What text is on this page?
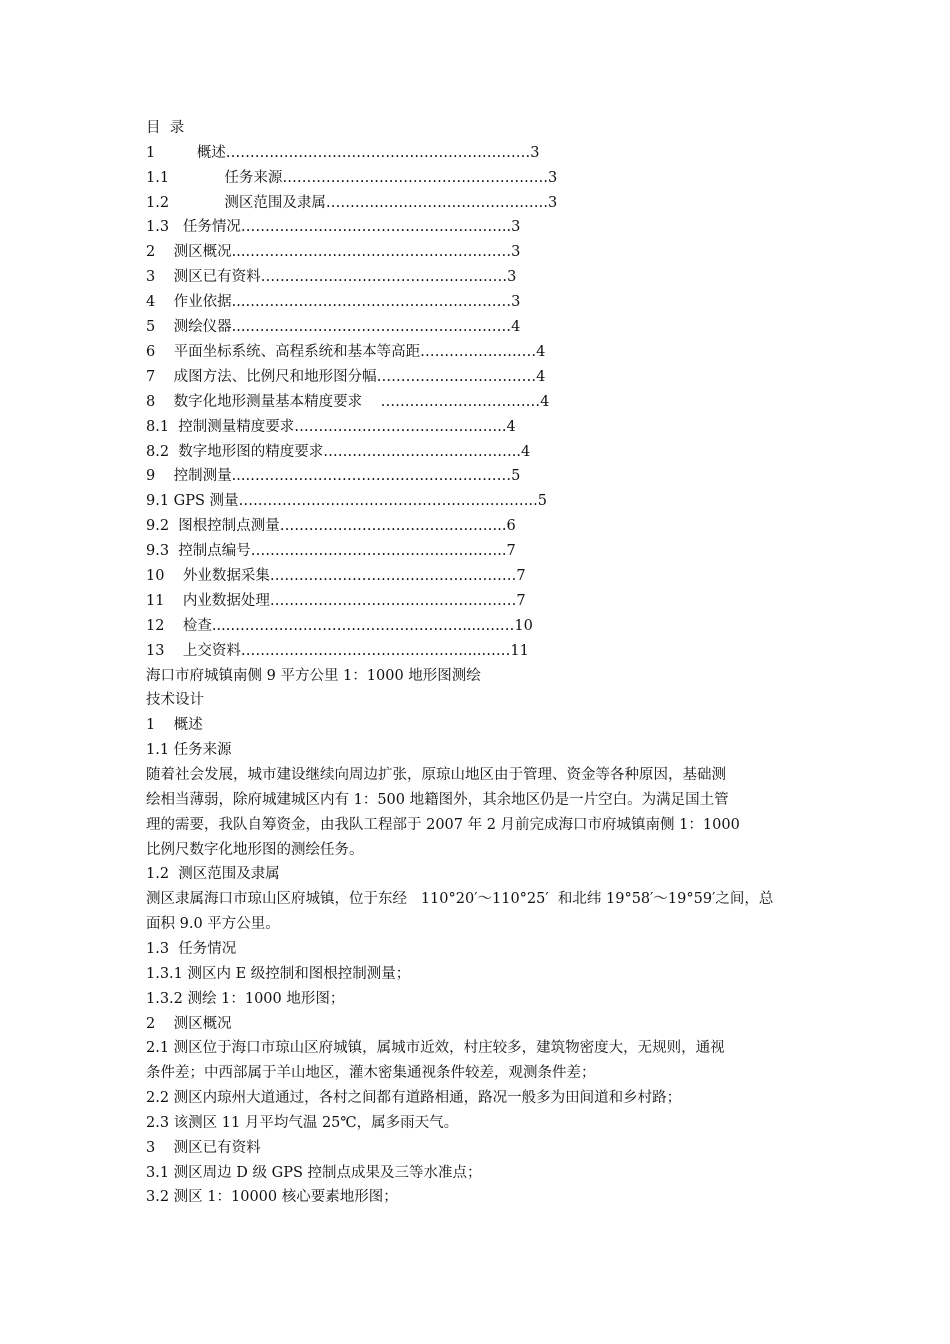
目  录
1         概述………………………………………………………3
1.1            任务来源……………………………………………….3
1.2            测区范围及隶属……………………………………….3
1.3   任务情况………………………………………………..3
2    测区概况....………………………………………………3
3    测区已有资料……………………………………………3
4    作业依据....………………………………………………3
5    测绘仪器....………………………………………………4
6    平面坐标系统、高程系统和基本等高距……………………4
7    成图方法、比例尺和地形图分幅……………………………4
8    数字化地形测量基本精度要求    ……………………………4
8.1  控制测量精度要求……………………………………..4
8.2  数字地形图的精度要求…………………………………..4
9    控制测量....………………………………………………5
9.1 GPS 测量……………………………………………………..5
9.2  图根控制点测量………………………………………..6
9.3  控制点编号……………………………………………..7
10    外业数据采集……………………………………………7
11    内业数据处理……………………………………………7
12    检查....………………………………………….....……10
13    上交资料……………………………………….....……11
海口市府城镇南侧 9 平方公里 1：1000 地形图测绘
技术设计
1    概述
1.1 任务来源
随着社会发展，城市建设继续向周边扩张，原琼山地区由于管理、资金等各种原因，基础测
绘相当薄弱，除府城建城区内有 1：500 地籍图外，其余地区仍是一片空白。为满足国土管
理的需要，我队自筹资金，由我队工程部于 2007 年 2 月前完成海口市府城镇南侧 1：1000
比例尺数字化地形图的测绘任务。
1.2  测区范围及隶属
测区隶属海口市琼山区府城镇，位于东经   110°20′～110°25′  和北纬 19°58′～19°59′之间，总
面积 9.0 平方公里。
1.3  任务情况
1.3.1 测区内 E 级控制和图根控制测量；
1.3.2 测绘 1：1000 地形图；
2    测区概况
2.1 测区位于海口市琼山区府城镇，属城市近效，村庄较多，建筑物密度大，无规则，通视
条件差；中西部属于羊山地区，灌木密集通视条件较差，观测条件差；
2.2 测区内琼州大道通过，各村之间都有道路相通，路况一般多为田间道和乡村路；
2.3 该测区 11 月平均气温 25℃，属多雨天气。
3    测区已有资料
3.1 测区周边 D 级 GPS 控制点成果及三等水准点；
3.2 测区 1：10000 核心要素地形图；
